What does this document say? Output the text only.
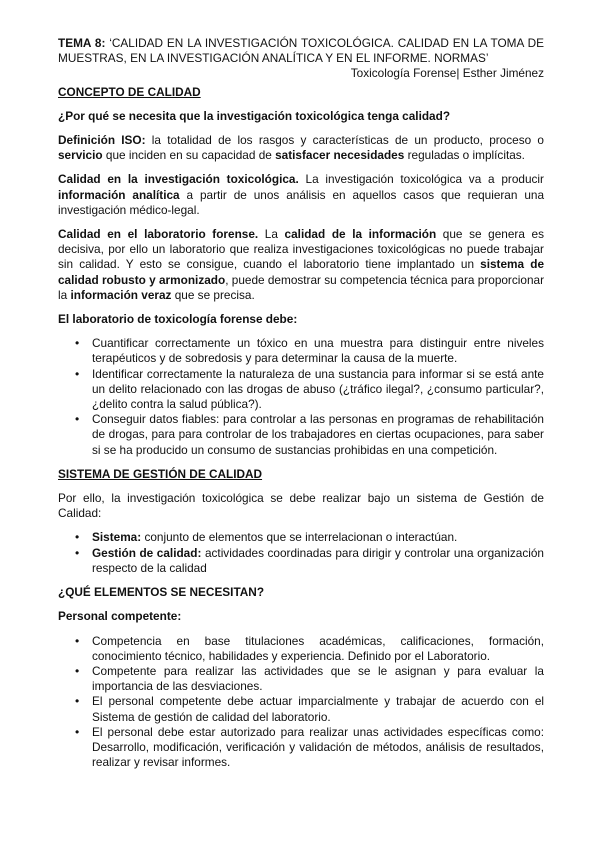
TEMA 8: ‘CALIDAD EN LA INVESTIGACIÓN TOXICOLÓGICA. CALIDAD EN LA TOMA DE MUESTRAS, EN LA INVESTIGACIÓN ANALÍTICA Y EN EL INFORME. NORMAS’

Toxicología Forense| Esther Jiménez

CONCEPTO DE CALIDAD
¿Por qué se necesita que la investigación toxicológica tenga calidad?

Definición ISO: la totalidad de los rasgos y características de un producto, proceso o servicio que inciden en su capacidad de satisfacer necesidades reguladas o implícitas.

Calidad en la investigación toxicológica. La investigación toxicológica va a producir información analítica a partir de unos análisis en aquellos casos que requieran una investigación médico-legal.

Calidad en el laboratorio forense. La calidad de la información que se genera es decisiva, por ello un laboratorio que realiza investigaciones toxicológicas no puede trabajar sin calidad. Y esto se consigue, cuando el laboratorio tiene implantado un sistema de calidad robusto y armonizado, puede demostrar su competencia técnica para proporcionar la información veraz que se precisa.

El laboratorio de toxicología forense debe:
• Cuantificar correctamente un tóxico en una muestra para distinguir entre niveles terapéuticos y de sobredosis y para determinar la causa de la muerte.
• Identificar correctamente la naturaleza de una sustancia para informar si se está ante un delito relacionado con las drogas de abuso (¿tráfico ilegal?, ¿consumo particular?, ¿delito contra la salud pública?).
• Conseguir datos fiables: para controlar a las personas en programas de rehabilitación de drogas, para para controlar de los trabajadores en ciertas ocupaciones, para saber si se ha producido un consumo de sustancias prohibidas en una competición.
SISTEMA DE GESTIÓN DE CALIDAD

Por ello, la investigación toxicológica se debe realizar bajo un sistema de Gestión de Calidad:

• Sistema: conjunto de elementos que se interrelacionan o interactúan.
• Gestión de calidad: actividades coordinadas para dirigir y controlar una organización respecto de la calidad
¿QUÉ ELEMENTOS SE NECESITAN?
Personal competente:
• Competencia en base titulaciones académicas, calificaciones, formación, conocimiento técnico, habilidades y experiencia. Definido por el Laboratorio.
• Competente para realizar las actividades que se le asignan y para evaluar la importancia de las desviaciones.
• El personal competente debe actuar imparcialmente y trabajar de acuerdo con el Sistema de gestión de calidad del laboratorio.
• El personal debe estar autorizado para realizar unas actividades específicas como: Desarrollo, modificación, verificación y validación de métodos, análisis de resultados, realizar y revisar informes.
